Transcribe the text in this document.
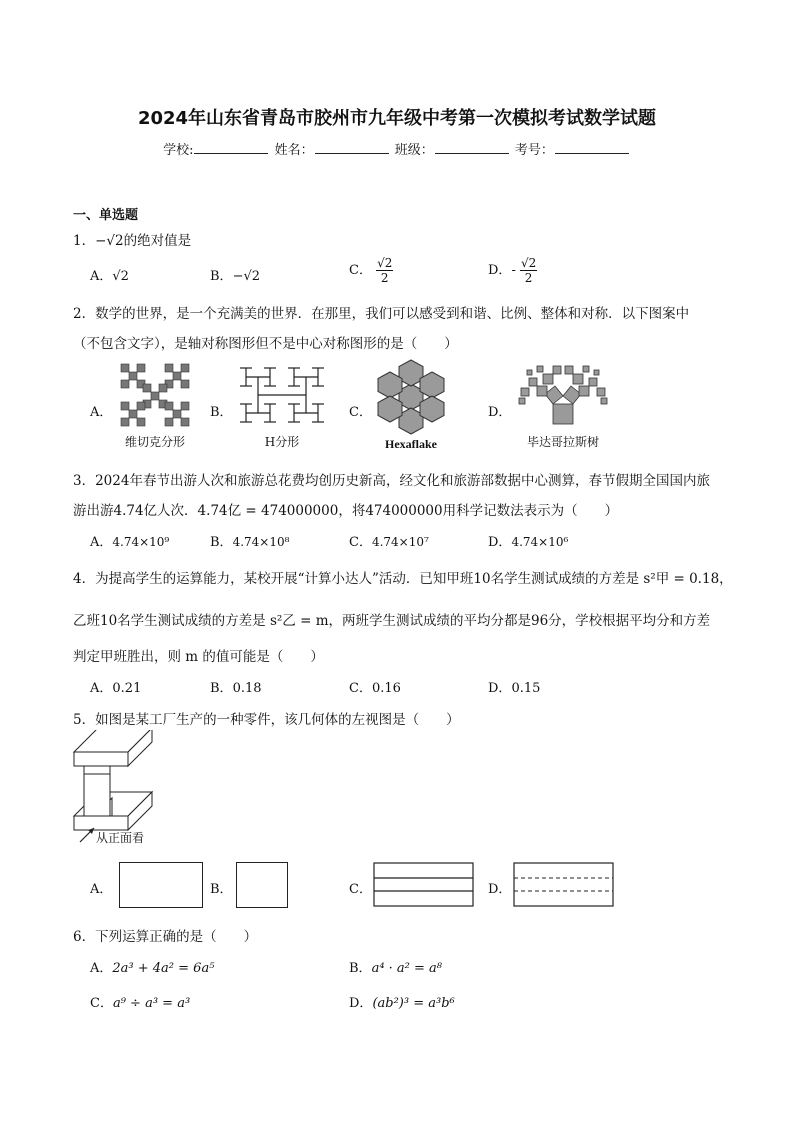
2024年山东省青岛市胶州市九年级中考第一次模拟考试数学试题
学校:	姓名：	班级：	考号：
一、单选题
1．−√2的绝对值是
A．√2	B．−√2	C． $\frac{√2}{2}$	D．- $\frac{√2}{2}$
2．数学的世界，是一个充满美的世界．在那里，我们可以感受到和谐、比例、整体和对称．以下图案中
（不包含文字），是轴对称图形但不是中心对称图形的是（　　）
A．
维切克分形
B．
H分形
C．
Hexaflake
D．
毕达哥拉斯树
3．2024年春节出游人次和旅游总花费均创历史新高，经文化和旅游部数据中心测算，春节假期全国国内旅
游出游4.74亿人次．4.74亿 = 474000000，将474000000用科学记数法表示为（　　）
A．4.74×10⁹	B．4.74×10⁸	C．4.74×10⁷	D．4.74×10⁶
4．为提高学生的运算能力，某校开展“计算小达人”活动．已知甲班10名学生测试成绩的方差是 s²甲 = 0.18，
乙班10名学生测试成绩的方差是 s²乙 = m，两班学生测试成绩的平均分都是96分，学校根据平均分和方差
判定甲班胜出，则 m 的值可能是（　　）
A．0.21	B．0.18	C．0.16	D．0.15
5．如图是某工厂生产的一种零件，该几何体的左视图是（　　）
从正面看
A．	B．	C．	D．
6．下列运算正确的是（　　）
A．2a³ + 4a² = 6a⁵	B．a⁴ · a² = a⁸
C．a⁹ ÷ a³ = a³	D．(ab²)³ = a³b⁶
